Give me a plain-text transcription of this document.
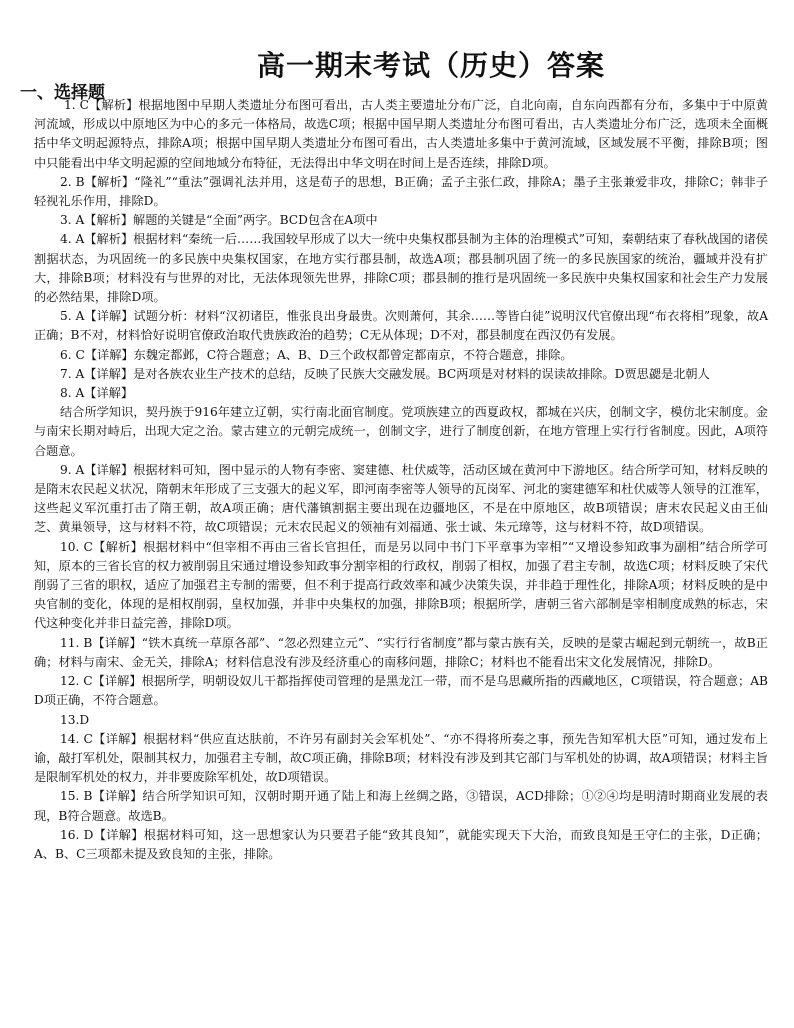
高一期末考试（历史）答案
一、选择题

1. C【解析】根据地图中早期人类遗址分布图可看出，古人类主要遗址分布广泛，自北向南，自东向西都有分布，多集中于中原黄河流域，形成以中原地区为中心的多元一体格局，故选C项；根据中国早期人类遗址分布图可看出，古人类遗址分布广泛，选项未全面概括中华文明起源特点，排除A项；根据中国早期人类遗址分布图可看出，古人类遗址多集中于黄河流域，区域发展不平衡，排除B项；图中只能看出中华文明起源的空间地域分布特征，无法得出中华文明在时间上是否连续，排除D项。

2. B【解析】“隆礼”“重法”强调礼法并用，这是荀子的思想，B正确；孟子主张仁政，排除A；墨子主张兼爱非攻，排除C；韩非子轻视礼乐作用，排除D。

3. A【解析】解题的关键是“全面”两字。BCD包含在A项中

4. A【解析】根据材料“秦统一后……我国较早形成了以大一统中央集权郡县制为主体的治理模式”可知，秦朝结束了春秋战国的诸侯割据状态，为巩固统一的多民族中央集权国家，在地方实行郡县制，故选A项；郡县制巩固了统一的多民族国家的统治，疆域并没有扩大，排除B项；材料没有与世界的对比，无法体现领先世界，排除C项；郡县制的推行是巩固统一多民族中央集权国家和社会生产力发展的必然结果，排除D项。

5. A【详解】试题分析：材料“汉初诸臣，惟张良出身最贵。次则萧何，其余……等皆白徒”说明汉代官僚出现“布衣将相”现象，故A正确；B不对，材料恰好说明官僚政治取代贵族政治的趋势；C无从体现；D不对，郡县制度在西汉仍有发展。

6. C【详解】东魏定都邺，C符合题意；A、B、D三个政权都曾定都南京，不符合题意，排除。

7. A【详解】是对各族农业生产技术的总结，反映了民族大交融发展。BC两项是对材料的误读故排除。D贾思勰是北朝人

8. A【详解】

结合所学知识，契丹族于916年建立辽朝，实行南北面官制度。党项族建立的西夏政权，都城在兴庆，创制文字，模仿北宋制度。金与南宋长期对峙后，出现大定之治。蒙古建立的元朝完成统一，创制文字，进行了制度创新，在地方管理上实行行省制度。因此，A项符合题意。

9. A【详解】根据材料可知，图中显示的人物有李密、窦建德、杜伏威等，活动区域在黄河中下游地区。结合所学可知，材料反映的是隋末农民起义状况，隋朝末年形成了三支强大的起义军，即河南李密等人领导的瓦岗军、河北的窦建德军和杜伏威等人领导的江淮军，这些起义军沉重打击了隋王朝，故A项正确；唐代藩镇割据主要出现在边疆地区，不是在中原地区，故B项错误；唐末农民起义由王仙芝、黄巢领导，这与材料不符，故C项错误；元末农民起义的领袖有刘福通、张士诚、朱元璋等，这与材料不符，故D项错误。

10. C【解析】根据材料中“但宰相不再由三省长官担任，而是另以同中书门下平章事为宰相”“又增设参知政事为副相”结合所学可知，原本的三省长官的权力被削弱且宋通过增设参知政事分割宰相的行政权，削弱了相权，加强了君主专制，故选C项；材料反映了宋代削弱了三省的职权，适应了加强君主专制的需要，但不利于提高行政效率和减少决策失误，并非趋于理性化，排除A项；材料反映的是中央官制的变化，体现的是相权削弱，皇权加强，并非中央集权的加强，排除B项；根据所学，唐朝三省六部制是宰相制度成熟的标志，宋代这种变化并非日益完善，排除D项。

11. B【详解】“铁木真统一草原各部”、“忽必烈建立元”、“实行行省制度”都与蒙古族有关，反映的是蒙古崛起到元朝统一，故B正确；材料与南宋、金无关，排除A；材料信息没有涉及经济重心的南移问题，排除C；材料也不能看出宋文化发展情况，排除D。

12. C【详解】根据所学，明朝设奴儿干都指挥使司管理的是黑龙江一带，而不是乌思藏所指的西藏地区，C项错误，符合题意；ABD项正确，不符合题意。

13.D

14. C【详解】根据材料“供应直达肤前，不许另有副封关会军机处”、“亦不得将所奏之事，预先告知军机大臣”可知，通过发布上谕，敲打军机处，限制其权力，加强君主专制，故C项正确，排除B项；材料没有涉及到其它部门与军机处的协调，故A项错误；材料主旨是限制军机处的权力，并非要废除军机处，故D项错误。

15. B【详解】结合所学知识可知，汉朝时期开通了陆上和海上丝绸之路，③错误，ACD排除；①②④均是明清时期商业发展的表现，B符合题意。故选B。

16. D【详解】根据材料可知，这一思想家认为只要君子能“致其良知”，就能实现天下大治，而致良知是王守仁的主张，D正确；A、B、C三项都未提及致良知的主张，排除。
